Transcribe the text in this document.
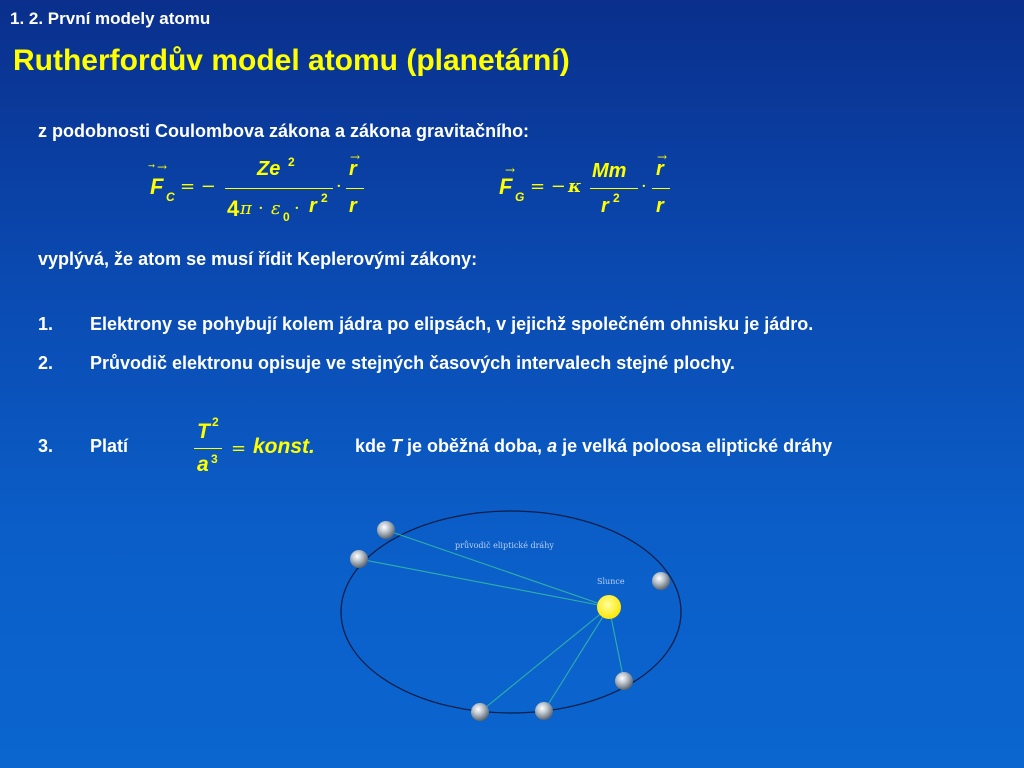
1. 2. První modely atomu
Rutherfordův model atomu (planetární)
z podobnosti Coulombova zákona a zákona gravitačního:
→
F C = −
Ze 2
4 π · ε 0 · r 2
·
→
r
r
→
F G = − κ
Mm
r 2
·
→
r
r
vyplývá, že atom se musí řídit Keplerovými zákony:
1. Elektrony se pohybují kolem jádra po elipsách, v jejichž společném ohnisku je jádro.
2. Průvodič elektronu opisuje ve stejných časových intervalech stejné plochy.
3. Platí
T 2
a 3 = konst. kde T je oběžná doba, a je velká poloosa eliptické dráhy
průvodič eliptické dráhy
Slunce
